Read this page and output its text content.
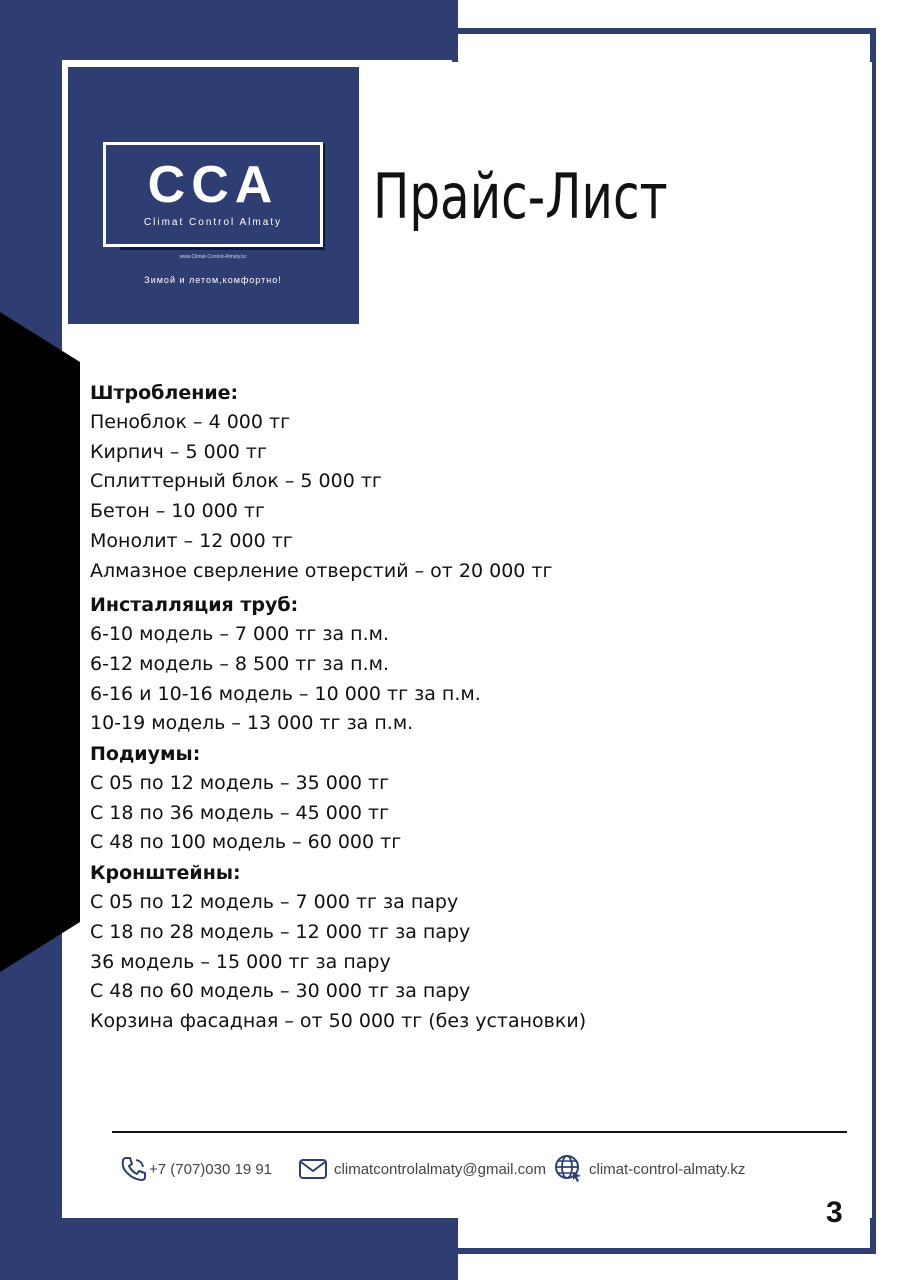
CCA
Climat Control Almaty
www.Climat-Control-Almaty.kz
Зимой и летом,комфортно!
Прайс-Лист
Штробление:
Пеноблок – 4 000 тг
Кирпич – 5 000 тг
Сплиттерный блок – 5 000 тг
Бетон – 10 000 тг
Монолит – 12 000 тг
Алмазное сверление отверстий – от 20 000 тг
Инсталляция труб:
6-10 модель – 7 000 тг за п.м.
6-12 модель – 8 500 тг за п.м.
6-16 и 10-16 модель – 10 000 тг за п.м.
10-19 модель – 13 000 тг за п.м.
Подиумы:
С 05 по 12 модель – 35 000 тг
С 18 по 36 модель – 45 000 тг
С 48 по 100 модель – 60 000 тг
Кронштейны:
С 05 по 12 модель – 7 000 тг за пару
С 18 по 28 модель – 12 000 тг за пару
36 модель – 15 000 тг за пару
С 48 по 60 модель – 30 000 тг за пару
Корзина фасадная – от 50 000 тг (без установки)
+7 (707)030 19 91	climatcontrolalmaty@gmail.com	climat-control-almaty.kz
3
